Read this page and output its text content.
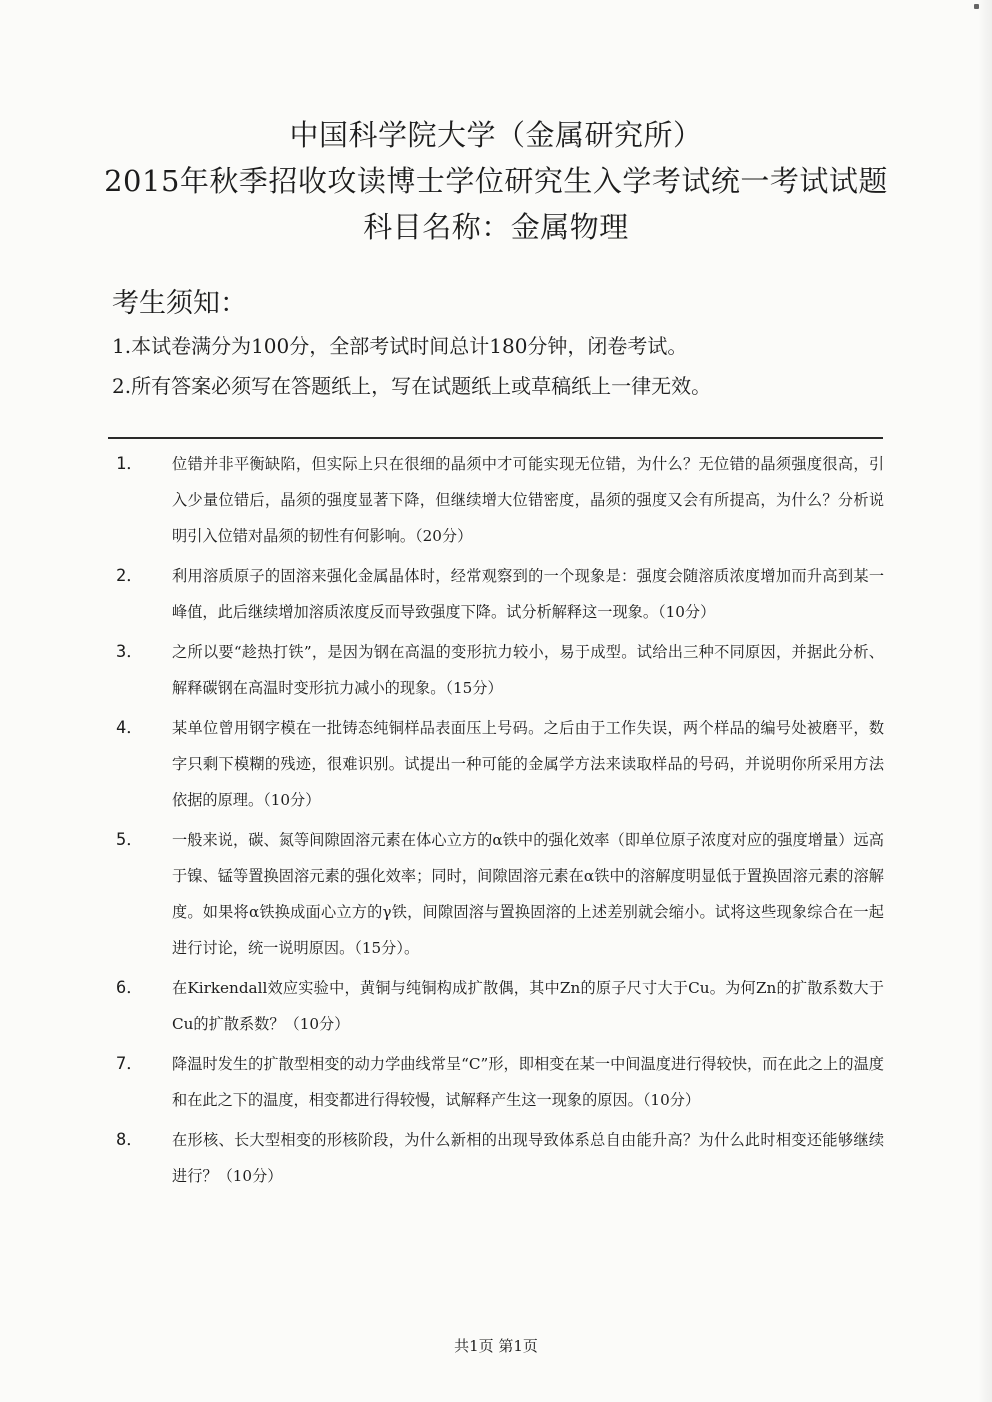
中国科学院大学（金属研究所）
2015年秋季招收攻读博士学位研究生入学考试统一考试试题
科目名称：金属物理
考生须知：
1.本试卷满分为100分，全部考试时间总计180分钟，闭卷考试。
2.所有答案必须写在答题纸上，写在试题纸上或草稿纸上一律无效。
1． 位错并非平衡缺陷，但实际上只在很细的晶须中才可能实现无位错，为什么？无位错的晶须强度很高，引入少量位错后，晶须的强度显著下降，但继续增大位错密度，晶须的强度又会有所提高，为什么？分析说明引入位错对晶须的韧性有何影响。（20分）
2． 利用溶质原子的固溶来强化金属晶体时，经常观察到的一个现象是：强度会随溶质浓度增加而升高到某一峰值，此后继续增加溶质浓度反而导致强度下降。试分析解释这一现象。（10分）
3． 之所以要“趁热打铁”，是因为钢在高温的变形抗力较小，易于成型。试给出三种不同原因，并据此分析、解释碳钢在高温时变形抗力减小的现象。（15分）
4． 某单位曾用钢字模在一批铸态纯铜样品表面压上号码。之后由于工作失误，两个样品的编号处被磨平，数字只剩下模糊的残迹，很难识别。试提出一种可能的金属学方法来读取样品的号码，并说明你所采用方法依据的原理。（10分）
5． 一般来说，碳、氮等间隙固溶元素在体心立方的α铁中的强化效率（即单位原子浓度对应的强度增量）远高于镍、锰等置换固溶元素的强化效率；同时，间隙固溶元素在α铁中的溶解度明显低于置换固溶元素的溶解度。如果将α铁换成面心立方的γ铁，间隙固溶与置换固溶的上述差别就会缩小。试将这些现象综合在一起进行讨论，统一说明原因。（15分）。
6． 在Kirkendall效应实验中，黄铜与纯铜构成扩散偶，其中Zn的原子尺寸大于Cu。为何Zn的扩散系数大于Cu的扩散系数？（10分）
7． 降温时发生的扩散型相变的动力学曲线常呈“C”形，即相变在某一中间温度进行得较快，而在此之上的温度和在此之下的温度，相变都进行得较慢，试解释产生这一现象的原因。（10分）
8． 在形核、长大型相变的形核阶段，为什么新相的出现导致体系总自由能升高？为什么此时相变还能够继续进行？（10分）
共1页 第1页
